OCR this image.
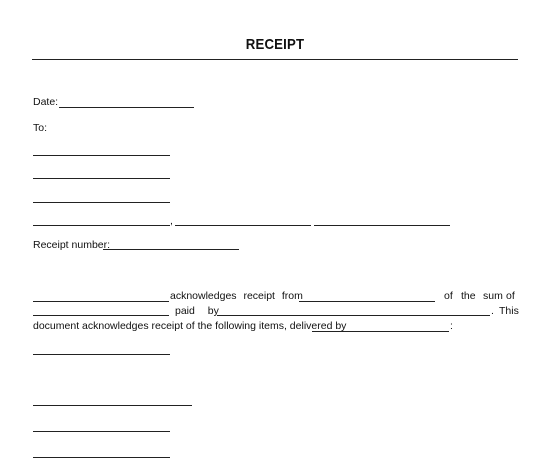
RECEIPT
Date:
To:
,
Receipt number:
acknowledges receipt from	of the sum of
paid by	. This
document acknowledges receipt of the following items, delivered by	:
